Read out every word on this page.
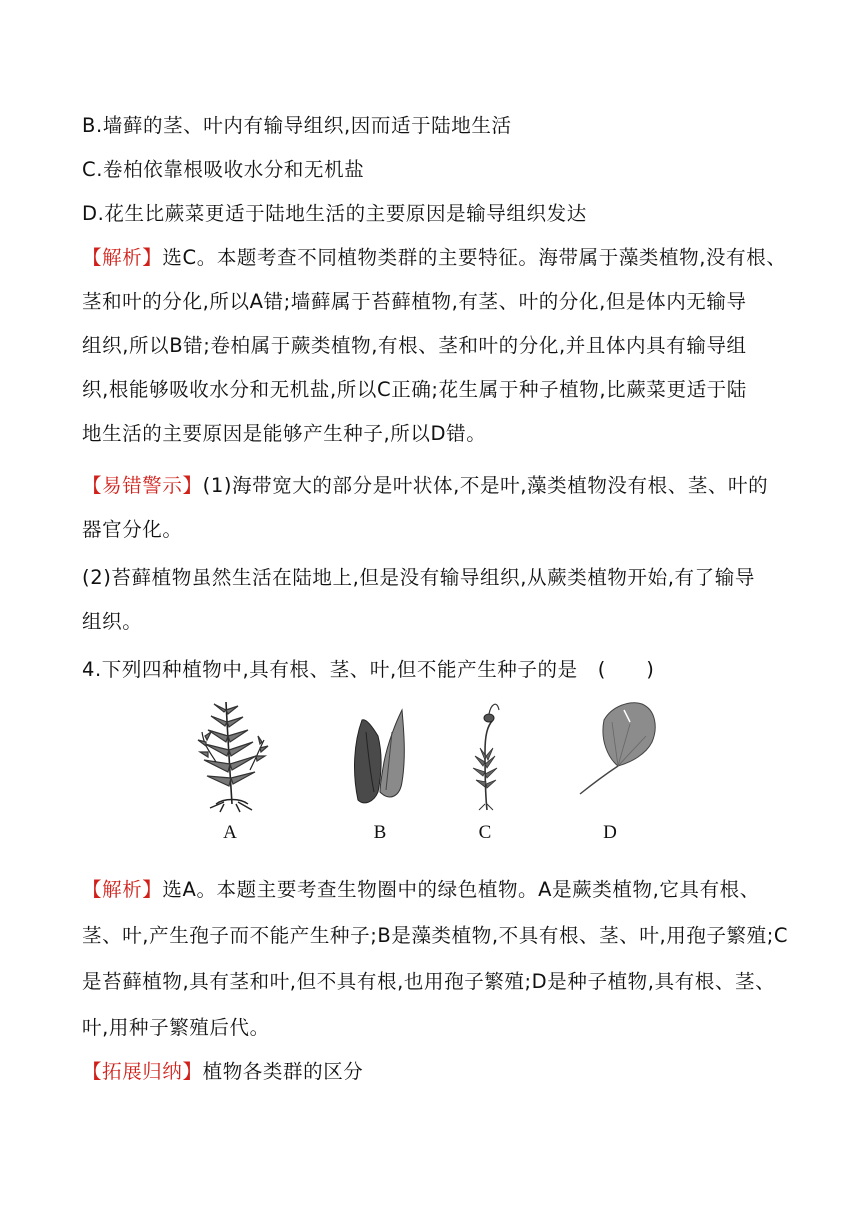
B.墙藓的茎、叶内有输导组织,因而适于陆地生活
C.卷柏依靠根吸收水分和无机盐
D.花生比蕨菜更适于陆地生活的主要原因是输导组织发达
【解析】选C。本题考查不同植物类群的主要特征。海带属于藻类植物,没有根、
茎和叶的分化,所以A错;墙藓属于苔藓植物,有茎、叶的分化,但是体内无输导
组织,所以B错;卷柏属于蕨类植物,有根、茎和叶的分化,并且体内具有输导组
织,根能够吸收水分和无机盐,所以C正确;花生属于种子植物,比蕨菜更适于陆
地生活的主要原因是能够产生种子,所以D错。
【易错警示】(1)海带宽大的部分是叶状体,不是叶,藻类植物没有根、茎、叶的
器官分化。
(2)苔藓植物虽然生活在陆地上,但是没有输导组织,从蕨类植物开始,有了输导
组织。
4.下列四种植物中,具有根、茎、叶,但不能产生种子的是　(　　)
A	B	C	D
【解析】选A。本题主要考查生物圈中的绿色植物。A是蕨类植物,它具有根、
茎、叶,产生孢子而不能产生种子;B是藻类植物,不具有根、茎、叶,用孢子繁殖;C
是苔藓植物,具有茎和叶,但不具有根,也用孢子繁殖;D是种子植物,具有根、茎、
叶,用种子繁殖后代。
【拓展归纳】植物各类群的区分
